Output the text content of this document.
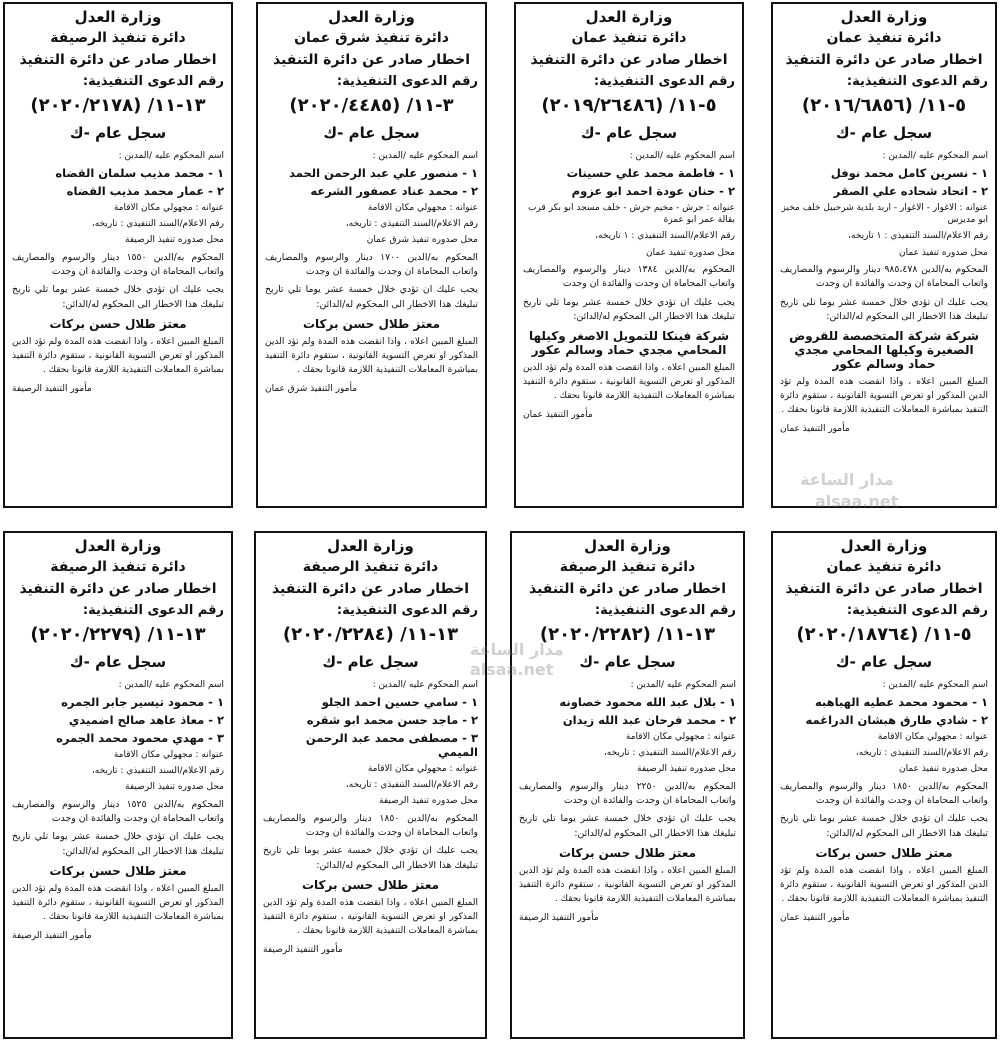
وزارة العدل
دائرة تنفيذ عمان
اخطار صادر عن دائرة التنفيذ
رقم الدعوى التنفيذية:
٥-١١/ (٢٠١٦/٦٨٥٦)
سجل عام -ك
اسم المحكوم عليه /المدين :
١ - نسرين كامل محمد نوفل
٢ - اتحاد شحاده علي الصقر
عنوانه : الاغوار - الاغوار - اربد بلدية شرحبيل خلف مخبز ابو مديرس
رقم الاعلام/السند التنفيذي : ١ تاريخه،
محل صدوره تنفيذ عمان
المحكوم به/الدين ٩٨٥،٤٧٨ دينار والرسوم والمصاريف واتعاب المحاماة ان وجدت والفائدة ان وجدت
يجب عليك ان تؤدي خلال خمسة عشر يوما تلي تاريخ تبليغك هذا الاخطار الى المحكوم له/الدائن:
شركة شركة المتخصصة للقروض الصغيرة وكيلها المحامي مجدي حماد وسالم عكور
المبلغ المبين اعلاه ، واذا انقضت هذه المدة ولم تؤد الدين المذكور او تعرض التسوية القانونية ، ستقوم دائرة التنفيذ بمباشرة المعاملات التنفيذية اللازمة قانونا بحقك .
مأمور التنفيذ عمان
وزارة العدل
دائرة تنفيذ عمان
اخطار صادر عن دائرة التنفيذ
رقم الدعوى التنفيذية:
٥-١١/ (٢٠١٩/٢٦٤٨٦)
سجل عام -ك
اسم المحكوم عليه /المدين :
١ - فاطمة محمد علي حسينات
٢ - حنان عودة احمد ابو عزوم
عنوانه : جرش - مخيم جرش - خلف مسجد ابو بكر قرب بقالة عمر ابو عمرة
رقم الاعلام/السند التنفيذي : ١ تاريخه،
محل صدوره تنفيذ عمان
المحكوم به/الدين ١٣٨٤ دينار والرسوم والمصاريف واتعاب المحاماة ان وجدت والفائدة ان وجدت
يجب عليك ان تؤدي خلال خمسة عشر يوما تلي تاريخ تبليغك هذا الاخطار الى المحكوم له/الدائن:
شركة فينكا للتمويل الاصغر وكيلها المحامي مجدي حماد وسالم عكور
المبلغ المبين اعلاه ، واذا انقضت هذه المدة ولم تؤد الدين المذكور او تعرض التسوية القانونية ، ستقوم دائرة التنفيذ بمباشرة المعاملات التنفيذية اللازمة قانونا بحقك .
مأمور التنفيذ عمان
وزارة العدل
دائرة تنفيذ شرق عمان
اخطار صادر عن دائرة التنفيذ
رقم الدعوى التنفيذية:
٣-١١/ (٢٠٢٠/٤٤٨٥)
سجل عام -ك
اسم المحكوم عليه /المدين :
١ - منصور علي عبد الرحمن الحمد
٢ - محمد عناد عصفور الشرعه
عنوانه : مجهولي مكان الاقامة
رقم الاعلام/السند التنفيذي : تاريخه،
محل صدوره تنفيذ شرق عمان
المحكوم به/الدين ١٧٠٠ دينار والرسوم والمصاريف واتعاب المحاماة ان وجدت والفائدة ان وجدت
يجب عليك ان تؤدي خلال خمسة عشر يوما تلي تاريخ تبليغك هذا الاخطار الى المحكوم له/الدائن:
معتز طلال حسن بركات
المبلغ المبين اعلاه ، واذا انقضت هذه المدة ولم تؤد الدين المذكور او تعرض التسوية القانونية ، ستقوم دائرة التنفيذ بمباشرة المعاملات التنفيذية اللازمة قانونا بحقك .
مأمور التنفيذ شرق عمان
وزارة العدل
دائرة تنفيذ الرصيفة
اخطار صادر عن دائرة التنفيذ
رقم الدعوى التنفيذية:
١٣-١١/ (٢٠٢٠/٢١٧٨)
سجل عام -ك
اسم المحكوم عليه /المدين :
١ - محمد مذيب سلمان القضاه
٢ - عمار محمد مذيب القضاه
عنوانه : مجهولي مكان الاقامة
رقم الاعلام/السند التنفيذي : تاريخه،
محل صدوره تنفيذ الرصيفة
المحكوم به/الدين ١٥٥٠ دينار والرسوم والمصاريف واتعاب المحاماة ان وجدت والفائدة ان وجدت
يجب عليك ان تؤدي خلال خمسة عشر يوما تلي تاريخ تبليغك هذا الاخطار الى المحكوم له/الدائن:
معتز طلال حسن بركات
المبلغ المبين اعلاه ، واذا انقضت هذه المدة ولم تؤد الدين المذكور او تعرض التسوية القانونية ، ستقوم دائرة التنفيذ بمباشرة المعاملات التنفيذية اللازمة قانونا بحقك .
مأمور التنفيذ الرصيفة
وزارة العدل
دائرة تنفيذ عمان
اخطار صادر عن دائرة التنفيذ
رقم الدعوى التنفيذية:
٥-١١/ (٢٠٢٠/١٨٧٦٤)
سجل عام -ك
اسم المحكوم عليه /المدين :
١ - محمود محمد عطيه الهباهبه
٢ - شادي طارق هبشان الدراغمه
عنوانه : مجهولي مكان الاقامة
رقم الاعلام/السند التنفيذي : تاريخه،
محل صدوره تنفيذ عمان
المحكوم به/الدين ١٨٥٠ دينار والرسوم والمصاريف واتعاب المحاماة ان وجدت والفائدة ان وجدت
يجب عليك ان تؤدي خلال خمسة عشر يوما تلي تاريخ تبليغك هذا الاخطار الى المحكوم له/الدائن:
معتز طلال حسن بركات
المبلغ المبين اعلاه ، واذا انقضت هذه المدة ولم تؤد الدين المذكور او تعرض التسوية القانونية ، ستقوم دائرة التنفيذ بمباشرة المعاملات التنفيذية اللازمة قانونا بحقك .
مأمور التنفيذ عمان
وزارة العدل
دائرة تنفيذ الرصيفة
اخطار صادر عن دائرة التنفيذ
رقم الدعوى التنفيذية:
١٣-١١/ (٢٠٢٠/٢٢٨٢)
سجل عام -ك
اسم المحكوم عليه /المدين :
١ - بلال عبد الله محمود خصاونه
٢ - محمد فرحان عبد الله زيدان
عنوانه : مجهولي مكان الاقامة
رقم الاعلام/السند التنفيذي : تاريخه،
محل صدوره تنفيذ الرصيفة
المحكوم به/الدين ٢٢٥٠ دينار والرسوم والمصاريف واتعاب المحاماة ان وجدت والفائدة ان وجدت
يجب عليك ان تؤدي خلال خمسة عشر يوما تلي تاريخ تبليغك هذا الاخطار الى المحكوم له/الدائن:
معتز طلال حسن بركات
المبلغ المبين اعلاه ، واذا انقضت هذه المدة ولم تؤد الدين المذكور او تعرض التسوية القانونية ، ستقوم دائرة التنفيذ بمباشرة المعاملات التنفيذية اللازمة قانونا بحقك .
مأمور التنفيذ الرصيفة
وزارة العدل
دائرة تنفيذ الرصيفة
اخطار صادر عن دائرة التنفيذ
رقم الدعوى التنفيذية:
١٣-١١/ (٢٠٢٠/٢٢٨٤)
سجل عام -ك
اسم المحكوم عليه /المدين :
١ - سامي حسين احمد الجلو
٢ - ماجد حسن محمد ابو شقره
٣ - مصطفى محمد عبد الرحمن الميمي
عنوانه : مجهولي مكان الاقامة
رقم الاعلام/السند التنفيذي : تاريخه،
محل صدوره تنفيذ الرصيفة
المحكوم به/الدين ١٨٥٠ دينار والرسوم والمصاريف واتعاب المحاماة ان وجدت والفائدة ان وجدت
يجب عليك ان تؤدي خلال خمسة عشر يوما تلي تاريخ تبليغك هذا الاخطار الى المحكوم له/الدائن:
معتز طلال حسن بركات
المبلغ المبين اعلاه ، واذا انقضت هذه المدة ولم تؤد الدين المذكور او تعرض التسوية القانونية ، ستقوم دائرة التنفيذ بمباشرة المعاملات التنفيذية اللازمة قانونا بحقك .
مأمور التنفيذ الرصيفة
وزارة العدل
دائرة تنفيذ الرصيفة
اخطار صادر عن دائرة التنفيذ
رقم الدعوى التنفيذية:
١٣-١١/ (٢٠٢٠/٢٢٧٩)
سجل عام -ك
اسم المحكوم عليه /المدين :
١ - محمود تيسير جابر الجمره
٢ - معاذ عاهد صالح اضميدي
٣ - مهدي محمود محمد الجمره
عنوانه : مجهولي مكان الاقامة
رقم الاعلام/السند التنفيذي : تاريخه،
محل صدوره تنفيذ الرصيفة
المحكوم به/الدين ١٥٢٥ دينار والرسوم والمصاريف واتعاب المحاماة ان وجدت والفائدة ان وجدت
يجب عليك ان تؤدي خلال خمسة عشر يوما تلي تاريخ تبليغك هذا الاخطار الى المحكوم له/الدائن:
معتز طلال حسن بركات
المبلغ المبين اعلاه ، واذا انقضت هذه المدة ولم تؤد الدين المذكور او تعرض التسوية القانونية ، ستقوم دائرة التنفيذ بمباشرة المعاملات التنفيذية اللازمة قانونا بحقك .
مأمور التنفيذ الرصيفة
مدار الساعة
alsaa.net
مدار الساعة
alsaa.net
